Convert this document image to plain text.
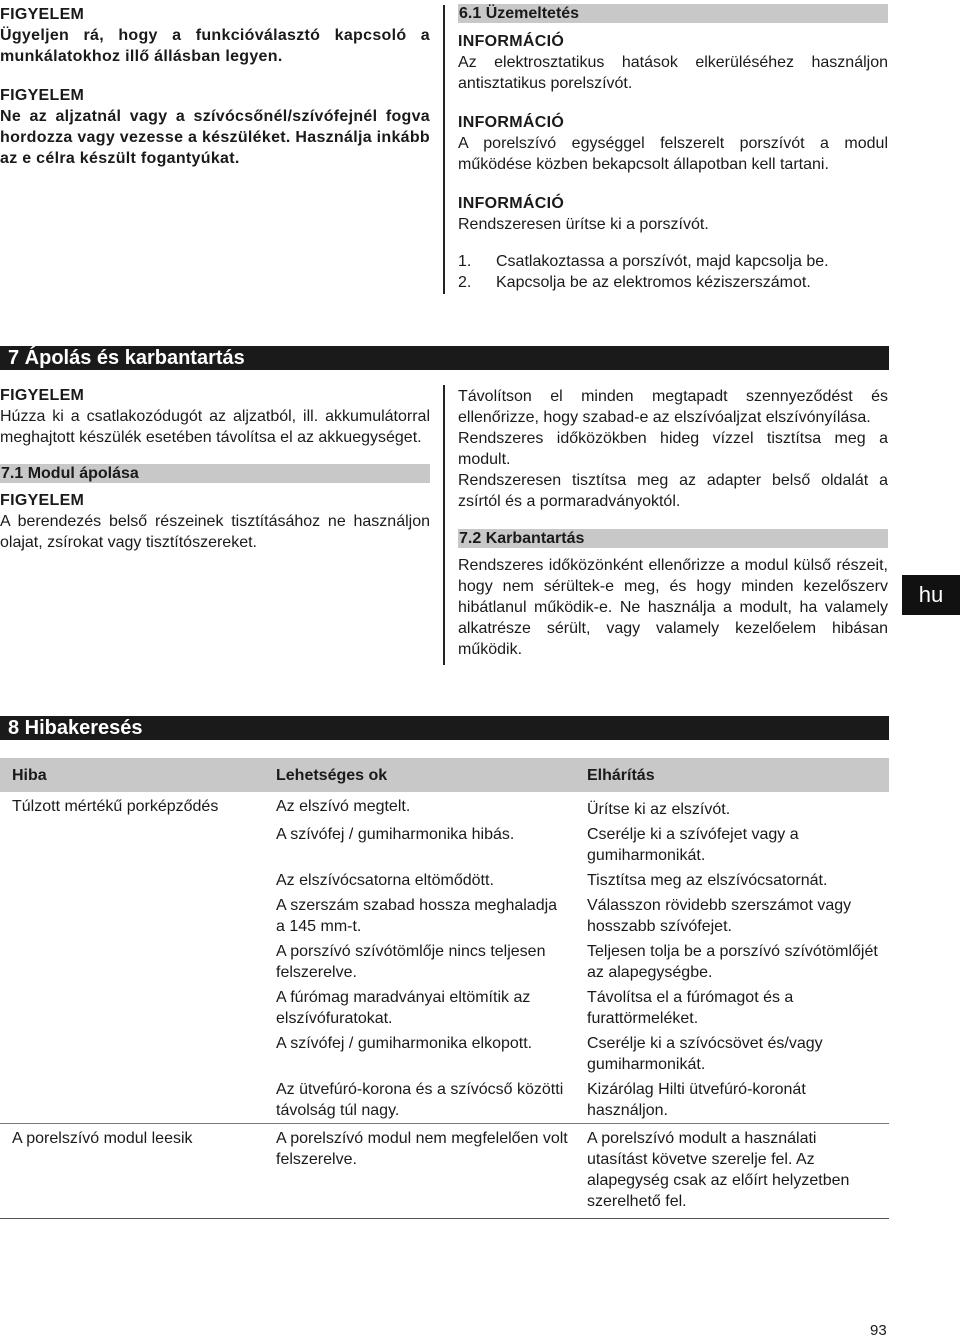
FIGYELEM

Ügyeljen rá, hogy a funkcióválasztó kapcsoló a munkálatokhoz illő állásban legyen.

FIGYELEM

Ne az aljzatnál vagy a szívócsőnél/szívófejnél fogva hordozza vagy vezesse a készüléket. Használja inkább az e célra készült fogantyúkat.

6.1 Üzemeltetés

INFORMÁCIÓ

Az elektrosztatikus hatások elkerüléséhez használjon antisztatikus porelszívót.

INFORMÁCIÓ

A porelszívó egységgel felszerelt porszívót a modul működése közben bekapcsolt állapotban kell tartani.

INFORMÁCIÓ

Rendszeresen ürítse ki a porszívót.

1.	Csatlakoztassa a porszívót, majd kapcsolja be.
2.	Kapcsolja be az elektromos kéziszerszámot.
7 Ápolás és karbantartás

FIGYELEM

Húzza ki a csatlakozódugót az aljzatból, ill. akkumulátorral meghajtott készülék esetében távolítsa el az akkuegységet.

7.1 Modul ápolása

FIGYELEM

A berendezés belső részeinek tisztításához ne használjon olajat, zsírokat vagy tisztítószereket.

Távolítson el minden megtapadt szennyeződést és ellenőrizze, hogy szabad-e az elszívóaljzat elszívónyílása.

Rendszeres időközökben hideg vízzel tisztítsa meg a modult.

Rendszeresen tisztítsa meg az adapter belső oldalát a zsírtól és a pormaradványoktól.

7.2 Karbantartás

Rendszeres időközönként ellenőrizze a modul külső részeit, hogy nem sérültek-e meg, és hogy minden kezelőszerv hibátlanul működik-e. Ne használja a modult, ha valamely alkatrésze sérült, vagy valamely kezelőelem hibásan működik.

hu
8 Hibakeresés
Hiba	Lehetséges ok	Elhárítás
Túlzott mértékű porképződés	Az elszívó megtelt.	Ürítse ki az elszívót.
	A szívófej / gumiharmonika hibás.	Cserélje ki a szívófejet vagy a gumiharmonikát.
	Az elszívócsatorna eltömődött.	Tisztítsa meg az elszívócsatornát.
	A szerszám szabad hossza meghaladja a 145 mm-t.	Válasszon rövidebb szerszámot vagy hosszabb szívófejet.
	A porszívó szívótömlője nincs teljesen felszerelve.	Teljesen tolja be a porszívó szívótömlőjét az alapegységbe.
	A fúrómag maradványai eltömítik az elszívófuratokat.	Távolítsa el a fúrómagot és a furattörmeléket.
	A szívófej / gumiharmonika elkopott.	Cserélje ki a szívócsövet és/vagy gumiharmonikát.
	Az ütvefúró-korona és a szívócső közötti távolság túl nagy.	Kizárólag Hilti ütvefúró-koronát használjon.
A porelszívó modul leesik	A porelszívó modul nem megfelelően volt felszerelve.	A porelszívó modult a használati utasítást követve szerelje fel. Az alapegység csak az előírt helyzetben szerelhető fel.
93
